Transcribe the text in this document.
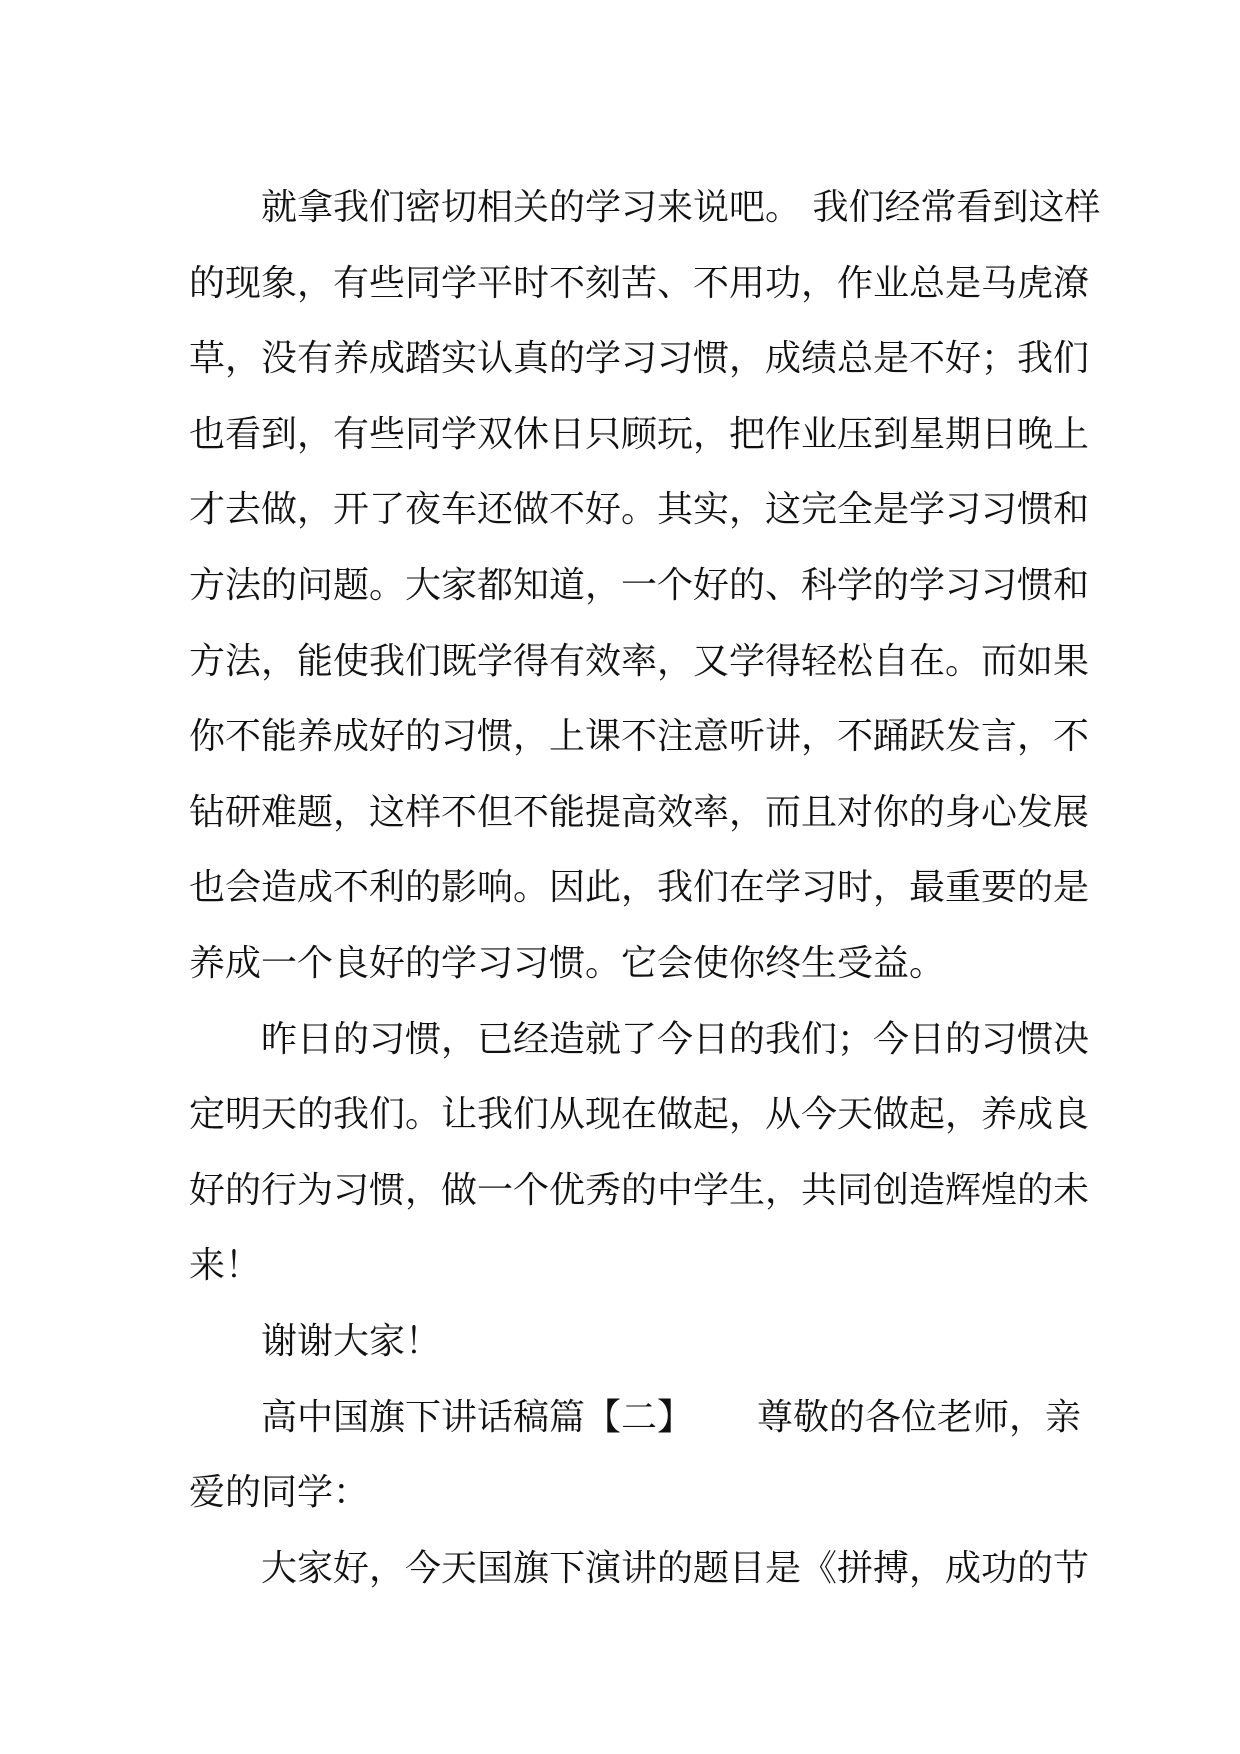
就拿我们密切相关的学习来说吧。 我们经常看到这样
的现象，有些同学平时不刻苦、不用功，作业总是马虎潦
草，没有养成踏实认真的学习习惯，成绩总是不好；我们
也看到，有些同学双休日只顾玩，把作业压到星期日晚上
才去做，开了夜车还做不好。其实，这完全是学习习惯和
方法的问题。大家都知道，一个好的、科学的学习习惯和
方法，能使我们既学得有效率，又学得轻松自在。而如果
你不能养成好的习惯，上课不注意听讲，不踊跃发言，不
钻研难题，这样不但不能提高效率，而且对你的身心发展
也会造成不利的影响。因此，我们在学习时，最重要的是
养成一个良好的学习习惯。它会使你终生受益。
昨日的习惯，已经造就了今日的我们；今日的习惯决
定明天的我们。让我们从现在做起，从今天做起，养成良
好的行为习惯，做一个优秀的中学生，共同创造辉煌的未
来！
谢谢大家！
高中国旗下讲话稿篇【二】 尊敬的各位老师，亲
爱的同学：
大家好，今天国旗下演讲的题目是《拼搏，成功的节
